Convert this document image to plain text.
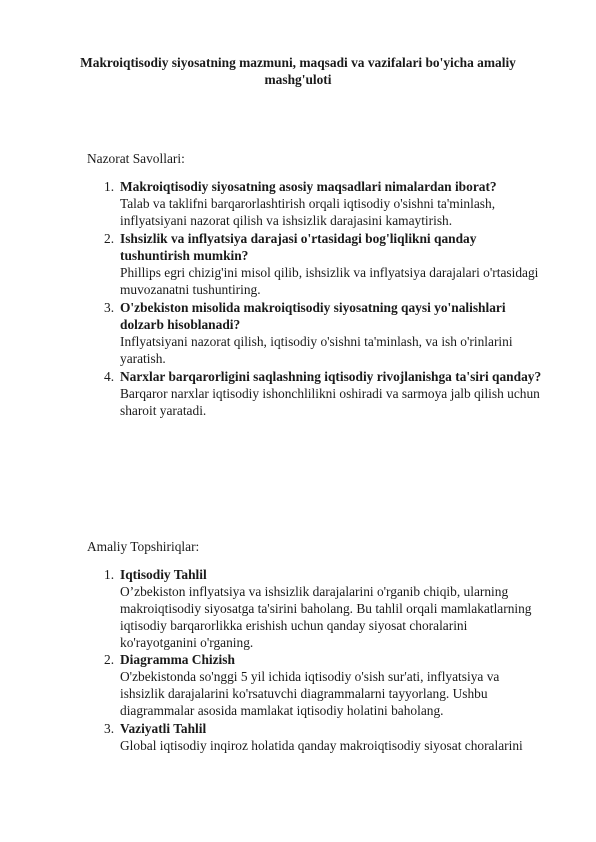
Makroiqtisodiy siyosatning mazmuni, maqsadi va vazifalari bo'yicha amaliy mashg'uloti
Nazorat Savollari:
1. Makroiqtisodiy siyosatning asosiy maqsadlari nimalardan iborat?
Talab va taklifni barqarorlashtirish orqali iqtisodiy o'sishni ta'minlash, inflyatsiyani nazorat qilish va ishsizlik darajasini kamaytirish.
2. Ishsizlik va inflyatsiya darajasi o'rtasidagi bog'liqlikni qanday tushuntirish mumkin?
Phillips egri chizig'ini misol qilib, ishsizlik va inflyatsiya darajalari o'rtasidagi muvozanatni tushuntiring.
3. O'zbekiston misolida makroiqtisodiy siyosatning qaysi yo'nalishlari dolzarb hisoblanadi?
Inflyatsiyani nazorat qilish, iqtisodiy o'sishni ta'minlash, va ish o'rinlarini yaratish.
4. Narxlar barqarorligini saqlashning iqtisodiy rivojlanishga ta'siri qanday?
Barqaror narxlar iqtisodiy ishonchlilikni oshiradi va sarmoya jalb qilish uchun sharoit yaratadi.
Amaliy Topshiriqlar:
1. Iqtisodiy Tahlil
O’zbekiston inflyatsiya va ishsizlik darajalarini o'rganib chiqib, ularning makroiqtisodiy siyosatga ta'sirini baholang. Bu tahlil orqali mamlakatlarning iqtisodiy barqarorlikka erishish uchun qanday siyosat choralarini ko'rayotganini o'rganing.
2. Diagramma Chizish
O'zbekistonda so'nggi 5 yil ichida iqtisodiy o'sish sur'ati, inflyatsiya va ishsizlik darajalarini ko'rsatuvchi diagrammalarni tayyorlang. Ushbu diagrammalar asosida mamlakat iqtisodiy holatini baholang.
3. Vaziyatli Tahlil
Global iqtisodiy inqiroz holatida qanday makroiqtisodiy siyosat choralarini
